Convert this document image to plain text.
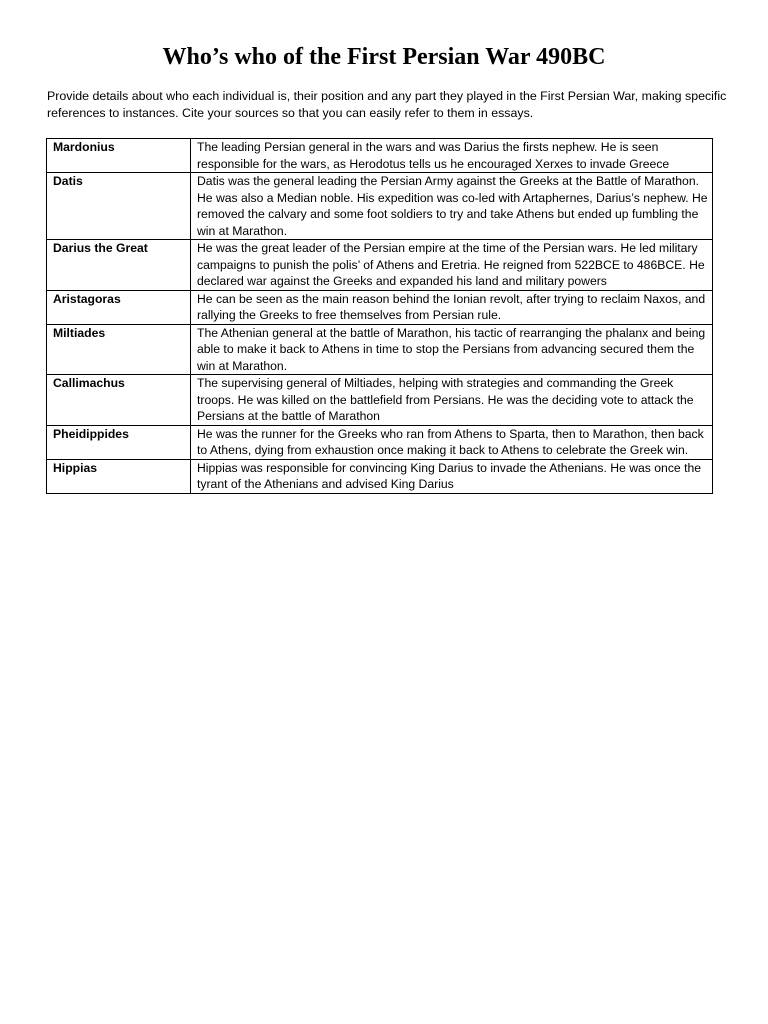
Who’s who of the First Persian War 490BC

Provide details about who each individual is, their position and any part they played in the First Persian War, making specific references to instances. Cite your sources so that you can easily refer to them in essays.

Mardonius	The leading Persian general in the wars and was Darius the firsts nephew. He is seen responsible for the wars, as Herodotus tells us he encouraged Xerxes to invade Greece
Datis	Datis was the general leading the Persian Army against the Greeks at the Battle of Marathon. He was also a Median noble. His expedition was co-led with Artaphernes, Darius’s nephew. He removed the calvary and some foot soldiers to try and take Athens but ended up fumbling the win at Marathon.
Darius the Great	He was the great leader of the Persian empire at the time of the Persian wars. He led military campaigns to punish the polis’ of Athens and Eretria. He reigned from 522BCE to 486BCE. He declared war against the Greeks and expanded his land and military powers
Aristagoras	He can be seen as the main reason behind the Ionian revolt, after trying to reclaim Naxos, and rallying the Greeks to free themselves from Persian rule.
Miltiades	The Athenian general at the battle of Marathon, his tactic of rearranging the phalanx and being able to make it back to Athens in time to stop the Persians from advancing secured them the win at Marathon.
Callimachus	The supervising general of Miltiades, helping with strategies and commanding the Greek troops. He was killed on the battlefield from Persians. He was the deciding vote to attack the Persians at the battle of Marathon
Pheidippides	He was the runner for the Greeks who ran from Athens to Sparta, then to Marathon, then back to Athens, dying from exhaustion once making it back to Athens to celebrate the Greek win.
Hippias	Hippias was responsible for convincing King Darius to invade the Athenians. He was once the tyrant of the Athenians and advised King Darius
